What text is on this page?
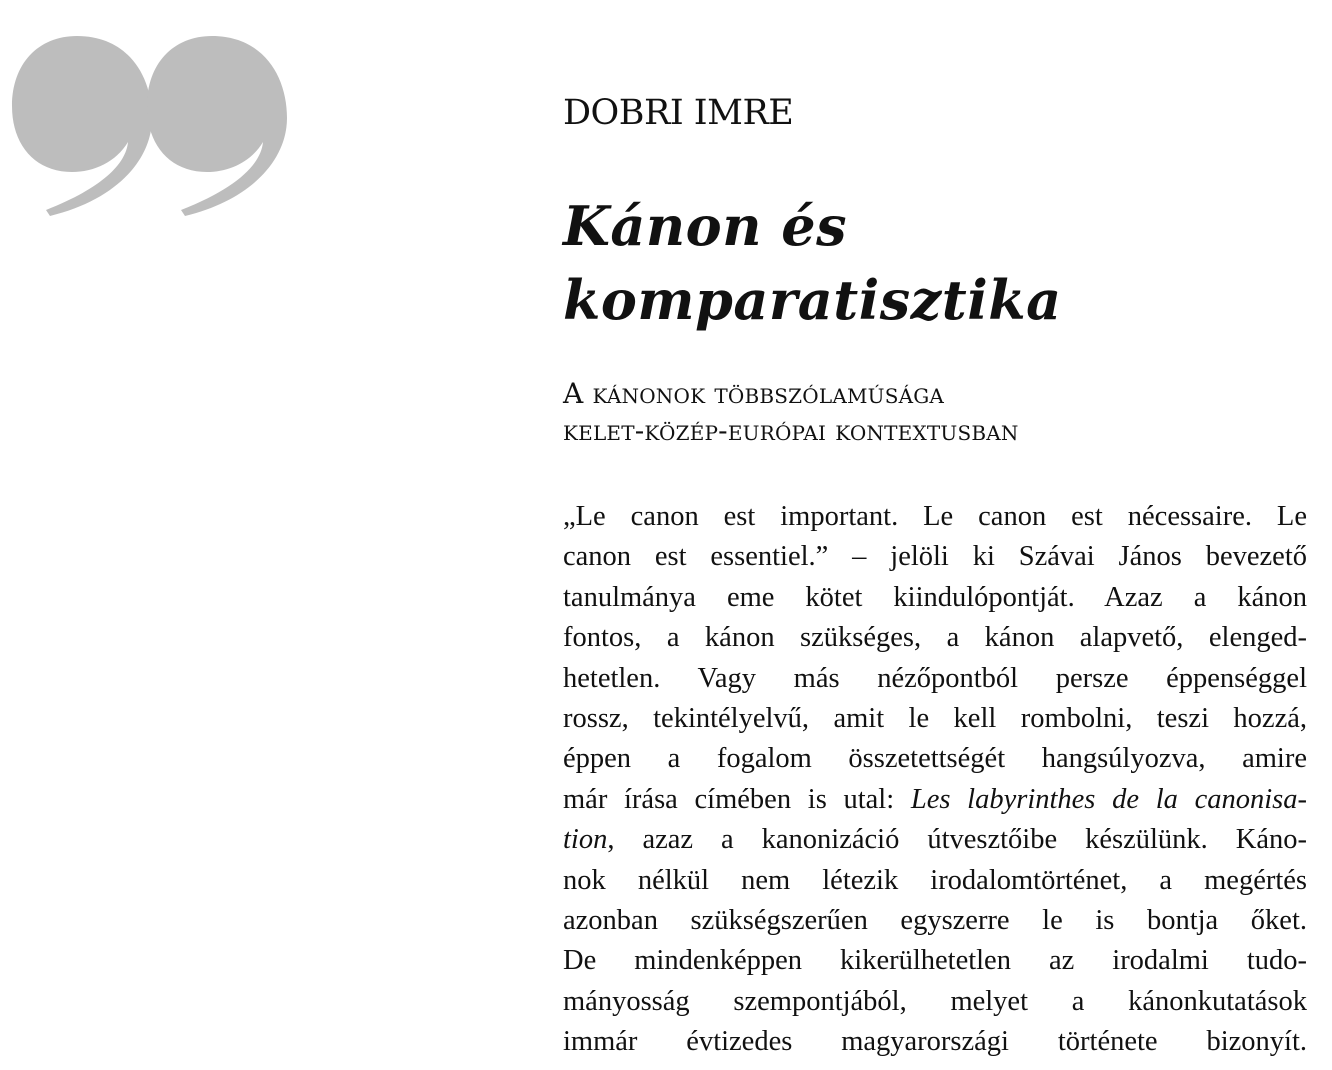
DOBRI IMRE
Kánon és
komparatisztika
A kánonok többszólamúsága
kelet-közép-európai kontextusban
„Le canon est important. Le canon est nécessaire. Le
canon est essentiel.” – jelöli ki Szávai János bevezető
tanulmánya eme kötet kiindulópontját. Azaz a kánon
fontos, a kánon szükséges, a kánon alapvető, elenged-
hetetlen. Vagy más nézőpontból persze éppenséggel
rossz, tekintélyelvű, amit le kell rombolni, teszi hozzá,
éppen a fogalom összetettségét hangsúlyozva, amire
már írása címében is utal: Les labyrinthes de la canonisa-
tion, azaz a kanonizáció útvesztőibe készülünk. Káno-
nok nélkül nem létezik irodalomtörténet, a megértés
azonban szükségszerűen egyszerre le is bontja őket.
De mindenképpen kikerülhetetlen az irodalmi tudo-
mányosság szempontjából, melyet a kánonkutatások
immár évtizedes magyarországi története bizonyít.
